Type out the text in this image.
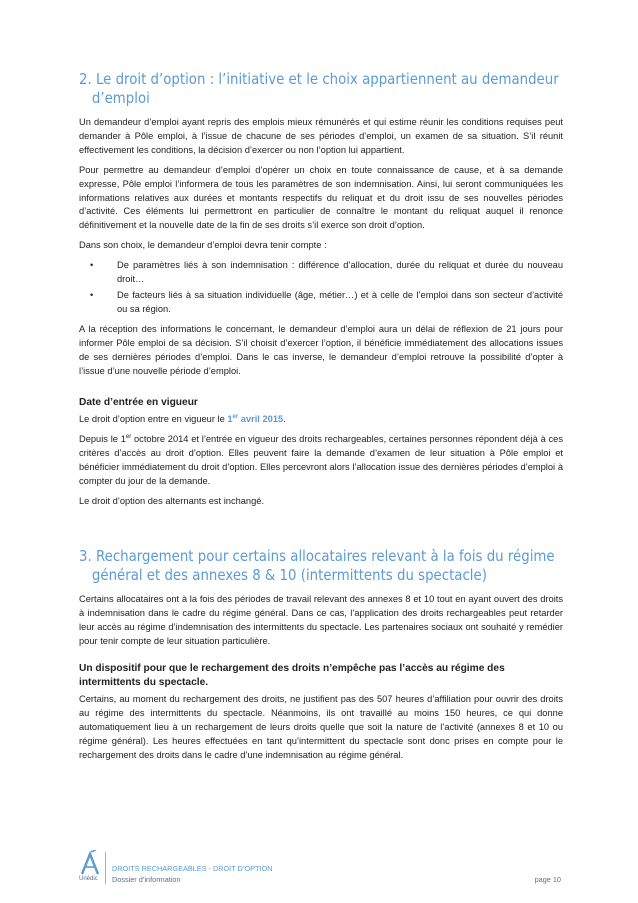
2. Le droit d’option : l’initiative et le choix appartiennent au demandeur
d’emploi

Un demandeur d’emploi ayant repris des emplois mieux rémunérés et qui estime réunir les conditions requises peut demander à Pôle emploi, à l’issue de chacune de ses périodes d’emploi, un examen de sa situation. S’il réunit effectivement les conditions, la décision d’exercer ou non l’option lui appartient.

Pour permettre au demandeur d’emploi d’opérer un choix en toute connaissance de cause, et à sa demande expresse, Pôle emploi l’informera de tous les paramètres de son indemnisation. Ainsi, lui seront communiquées les informations relatives aux durées et montants respectifs du reliquat et du droit issu de ses nouvelles périodes d’activité. Ces éléments lui permettront en particulier de connaître le montant du reliquat auquel il renonce définitivement et la nouvelle date de la fin de ses droits s’il exerce son droit d’option.

Dans son choix, le demandeur d’emploi devra tenir compte :

•	De paramètres liés à son indemnisation : différence d’allocation, durée du reliquat et durée du nouveau droit…
•	De facteurs liés à sa situation individuelle (âge, métier…) et à celle de l’emploi dans son secteur d’activité ou sa région.

A la réception des informations le concernant, le demandeur d’emploi aura un délai de réflexion de 21 jours pour informer Pôle emploi de sa décision. S’il choisit d’exercer l’option, il bénéficie immédiatement des allocations issues de ses dernières périodes d’emploi. Dans le cas inverse, le demandeur d’emploi retrouve la possibilité d’opter à l’issue d’une nouvelle période d’emploi.

Date d’entrée en vigueur

Le droit d’option entre en vigueur le 1er avril 2015.

Depuis le 1er octobre 2014 et l’entrée en vigueur des droits rechargeables, certaines personnes répondent déjà à ces critères d’accès au droit d’option. Elles peuvent faire la demande d’examen de leur situation à Pôle emploi et bénéficier immédiatement du droit d’option. Elles percevront alors l’allocation issue des dernières périodes d’emploi à compter du jour de la demande.

Le droit d’option des alternants est inchangé.

3. Rechargement pour certains allocataires relevant à la fois du régime
général et des annexes 8 & 10 (intermittents du spectacle)

Certains allocataires ont à la fois des périodes de travail relevant des annexes 8 et 10 tout en ayant ouvert des droits à indemnisation dans le cadre du régime général. Dans ce cas, l’application des droits rechargeables peut retarder leur accès au régime d’indemnisation des intermittents du spectacle. Les partenaires sociaux ont souhaité y remédier pour tenir compte de leur situation particulière.

Un dispositif pour que le rechargement des droits n’empêche pas l’accès au régime des intermittents du spectacle.

Certains, au moment du rechargement des droits, ne justifient pas des 507 heures d’affiliation pour ouvrir des droits au régime des intermittents du spectacle. Néanmoins, ils ont travaillé au moins 150 heures, ce qui donne automatiquement lieu à un rechargement de leurs droits quelle que soit la nature de l’activité (annexes 8 et 10 ou régime général). Les heures effectuées en tant qu’intermittent du spectacle sont donc prises en compte pour le rechargement des droits dans le cadre d’une indemnisation au régime général.

Unédic
DROITS RECHARGEABLES - DROIT D’OPTION
Dossier d’information	page 10
